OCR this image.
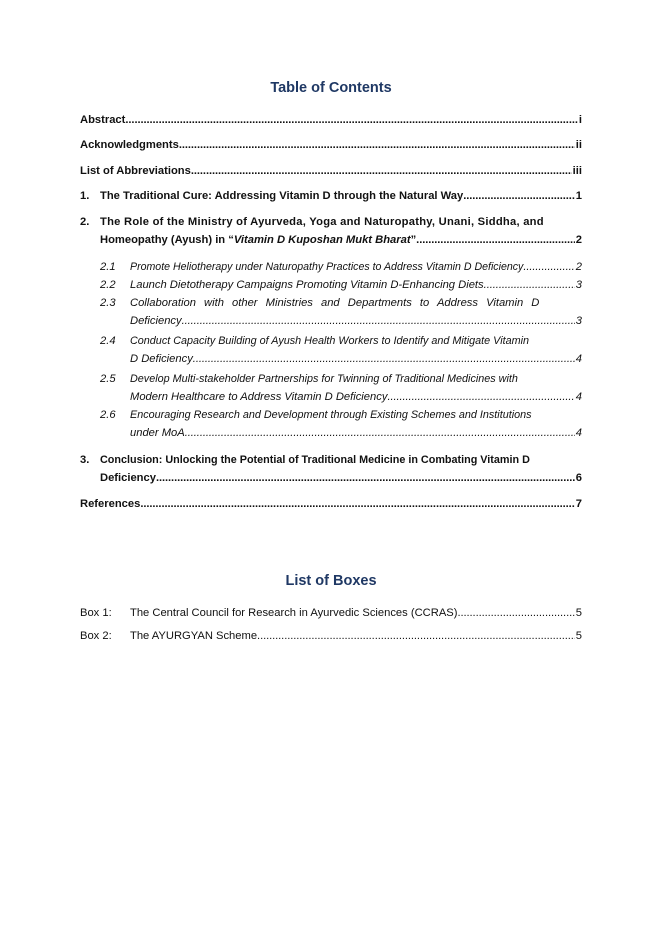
Table of Contents
Abstract . . .	i
Acknowledgments . . .	ii
List of Abbreviations . . .	iii
1. The Traditional Cure: Addressing Vitamin D through the Natural Way . . .	1
2. The Role of the Ministry of Ayurveda, Yoga and Naturopathy, Unani, Siddha, and
Homeopathy (Ayush) in “Vitamin D Kuposhan Mukt Bharat” . . .	2
2.1 Promote Heliotherapy under Naturopathy Practices to Address Vitamin D Deficiency . . .	2
2.2 Launch Dietotherapy Campaigns Promoting Vitamin D-Enhancing Diets. . . .	3
2.3 Collaboration with other Ministries and Departments to Address Vitamin D
Deficiency . . .	3
2.4 Conduct Capacity Building of Ayush Health Workers to Identify and Mitigate Vitamin
D Deficiency . . .	4
2.5 Develop Multi-stakeholder Partnerships for Twinning of Traditional Medicines with
Modern Healthcare to Address Vitamin D Deficiency . . .	4
2.6 Encouraging Research and Development through Existing Schemes and Institutions
under MoA . . .	4
3. Conclusion: Unlocking the Potential of Traditional Medicine in Combating Vitamin D
Deficiency . . .	6
References . . .	7
List of Boxes
Box 1: The Central Council for Research in Ayurvedic Sciences (CCRAS) . . .	5
Box 2: The AYURGYAN Scheme . . .	5
